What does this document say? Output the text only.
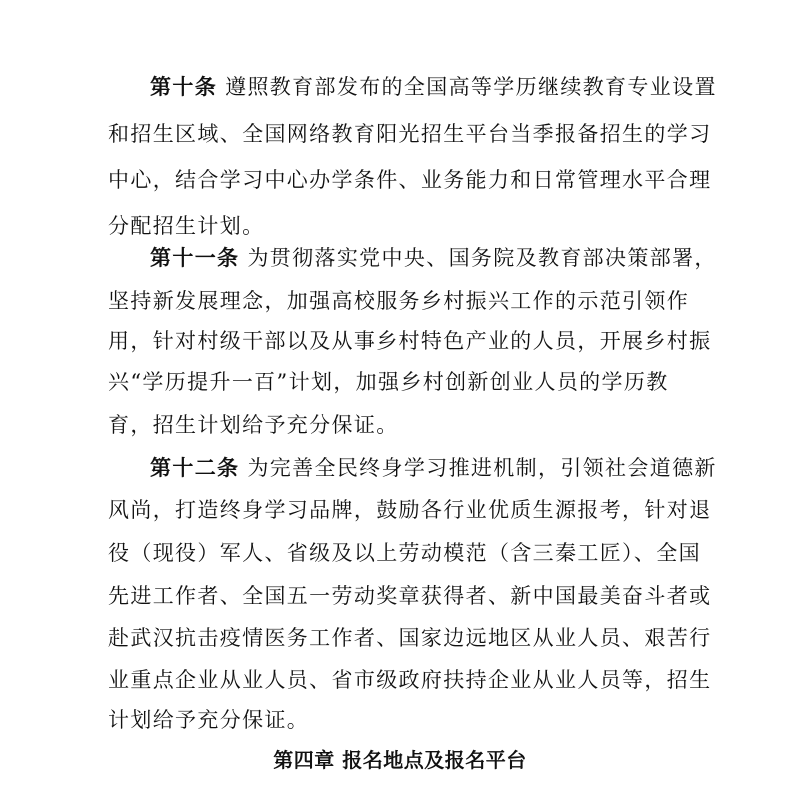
第十条 遵照教育部发布的全国高等学历继续教育专业设置
和招生区域、全国网络教育阳光招生平台当季报备招生的学习
中心，结合学习中心办学条件、业务能力和日常管理水平合理
分配招生计划。
第十一条 为贯彻落实党中央、国务院及教育部决策部署，
坚持新发展理念，加强高校服务乡村振兴工作的示范引领作
用，针对村级干部以及从事乡村特色产业的人员，开展乡村振
兴“学历提升一百”计划，加强乡村创新创业人员的学历教
育，招生计划给予充分保证。
第十二条 为完善全民终身学习推进机制，引领社会道德新
风尚，打造终身学习品牌，鼓励各行业优质生源报考，针对退
役（现役）军人、省级及以上劳动模范（含三秦工匠）、全国
先进工作者、全国五一劳动奖章获得者、新中国最美奋斗者或
赴武汉抗击疫情医务工作者、国家边远地区从业人员、艰苦行
业重点企业从业人员、省市级政府扶持企业从业人员等，招生
计划给予充分保证。
第四章 报名地点及报名平台
